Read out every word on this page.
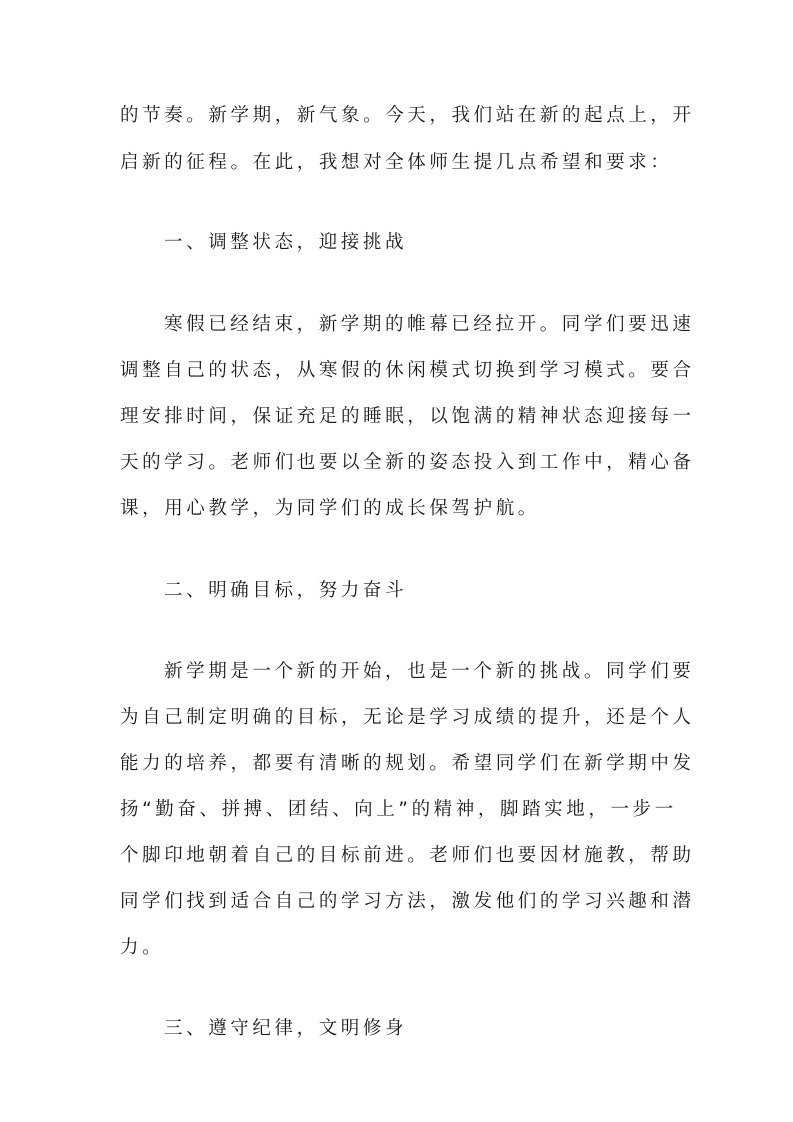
的节奏。新学期，新气象。今天，我们站在新的起点上，开
启新的征程。在此，我想对全体师生提几点希望和要求：
一、调整状态，迎接挑战
寒假已经结束，新学期的帷幕已经拉开。同学们要迅速
调整自己的状态，从寒假的休闲模式切换到学习模式。要合
理安排时间，保证充足的睡眠，以饱满的精神状态迎接每一
天的学习。老师们也要以全新的姿态投入到工作中，精心备
课，用心教学，为同学们的成长保驾护航。
二、明确目标，努力奋斗
新学期是一个新的开始，也是一个新的挑战。同学们要
为自己制定明确的目标，无论是学习成绩的提升，还是个人
能力的培养，都要有清晰的规划。希望同学们在新学期中发
扬“勤奋、拼搏、团结、向上”的精神，脚踏实地，一步一
个脚印地朝着自己的目标前进。老师们也要因材施教，帮助
同学们找到适合自己的学习方法，激发他们的学习兴趣和潜
力。
三、遵守纪律，文明修身
